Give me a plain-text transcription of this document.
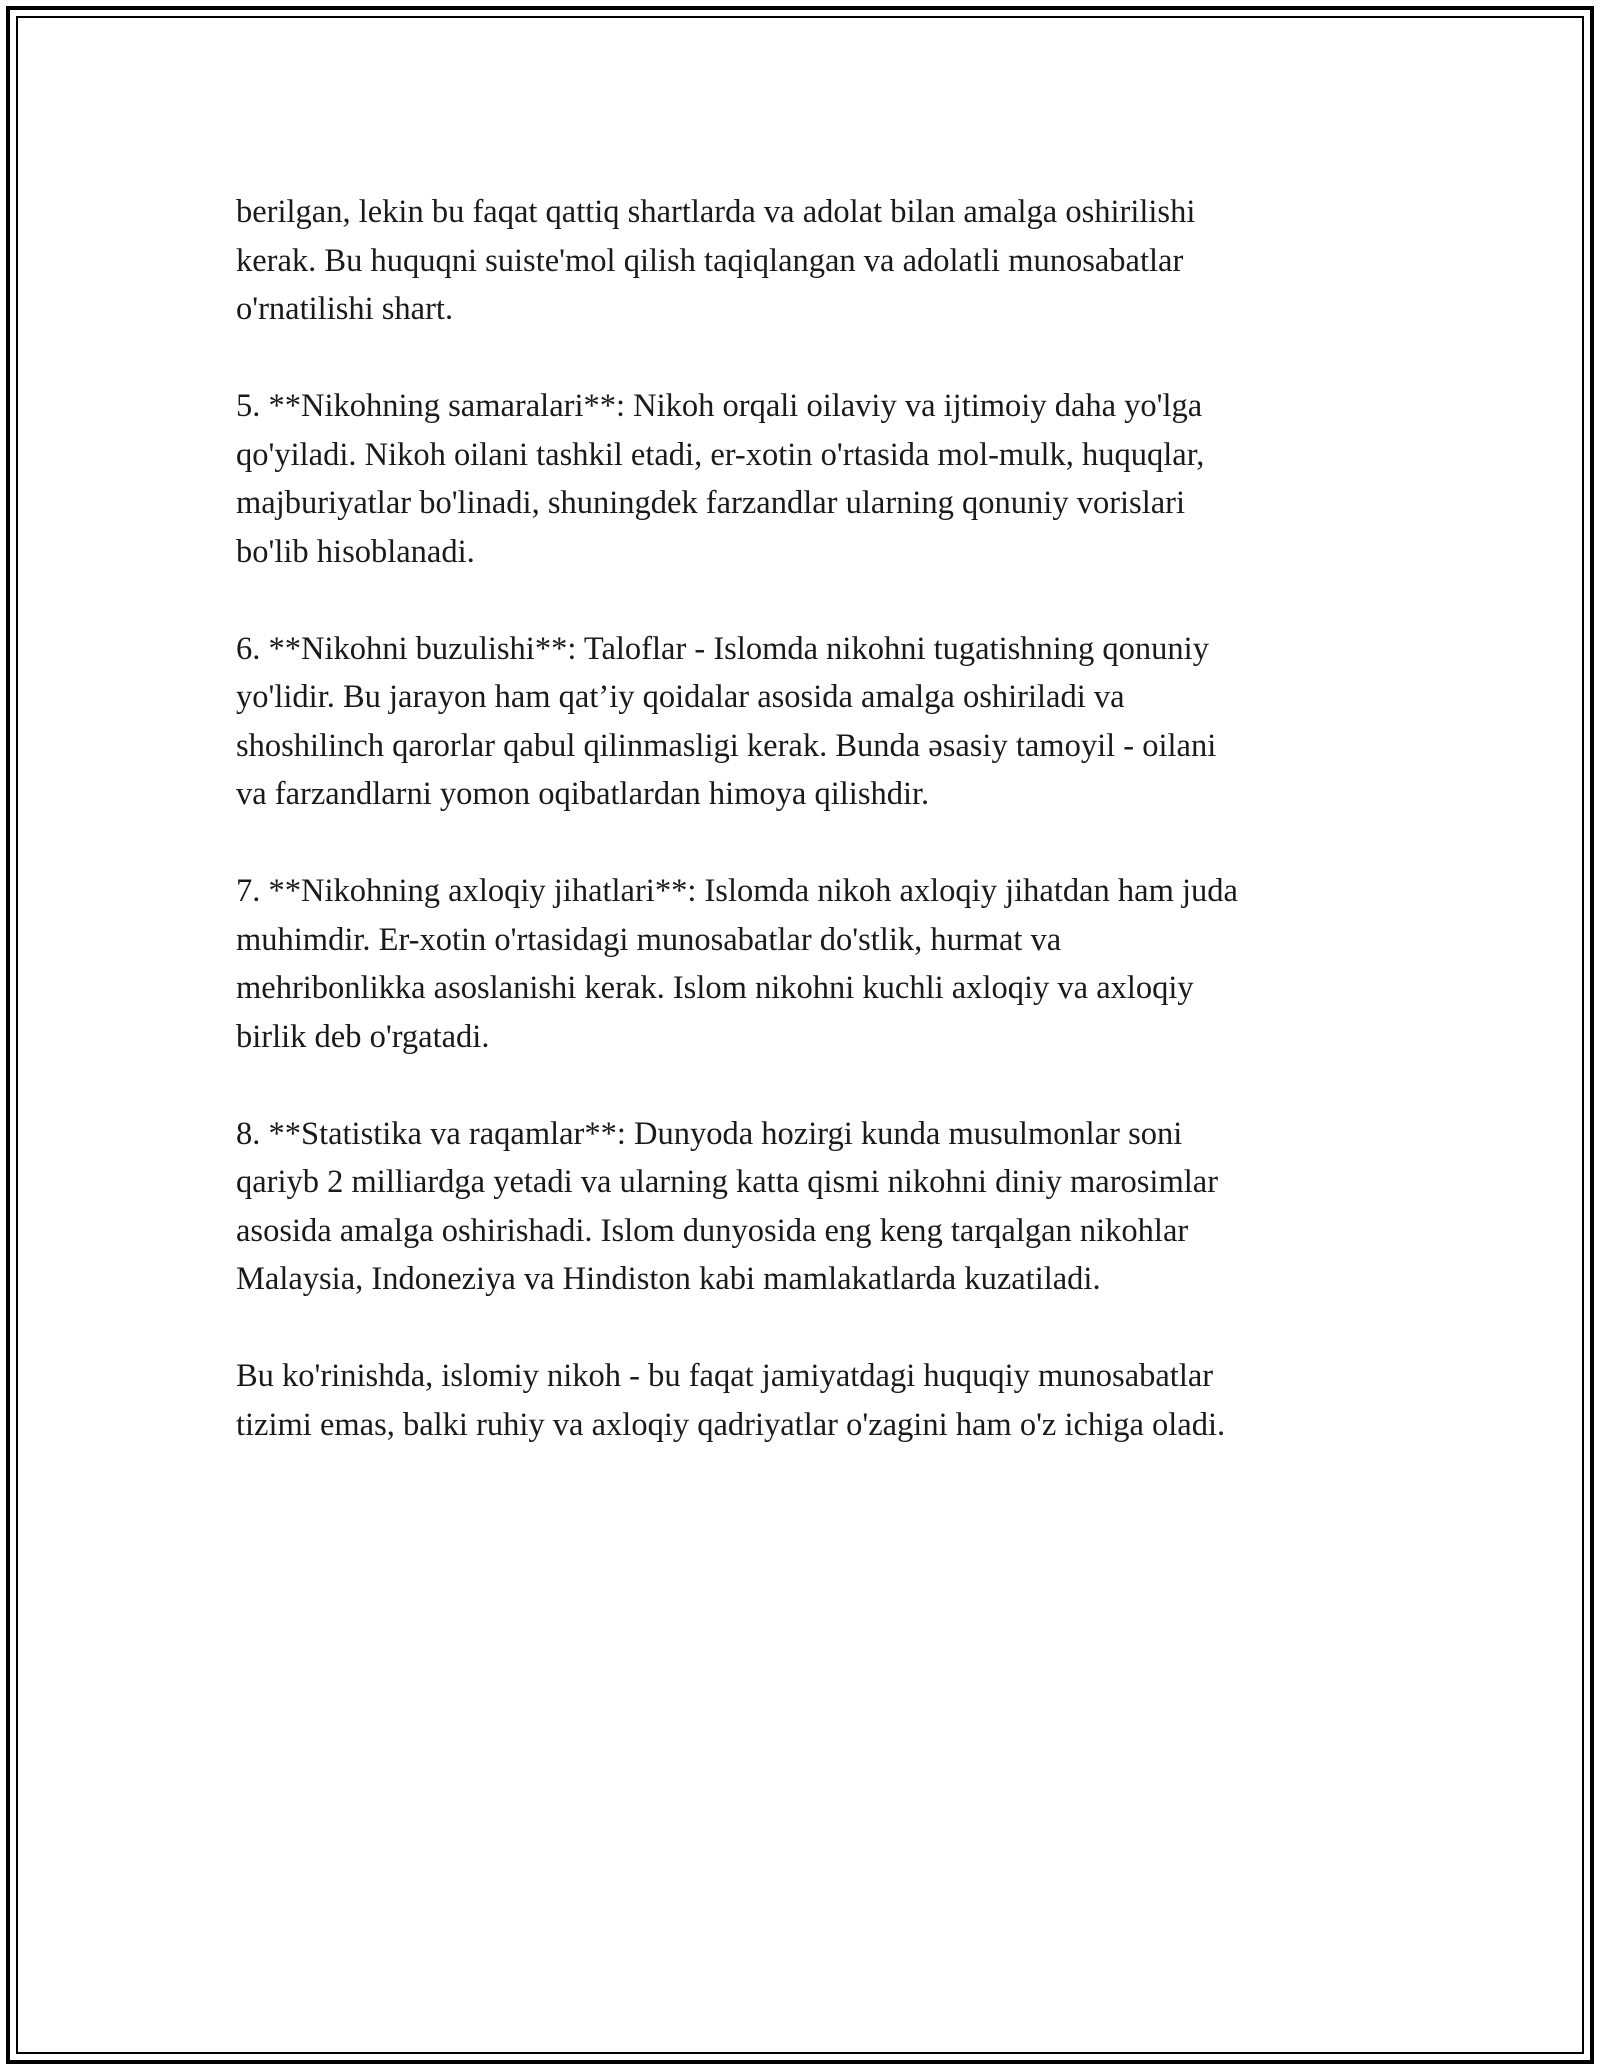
berilgan, lekin bu faqat qattiq shartlarda va adolat bilan amalga oshirilishi
kerak. Bu huquqni suiste'mol qilish taqiqlangan va adolatli munosabatlar
o'rnatilishi shart.

5. **Nikohning samaralari**: Nikoh orqali oilaviy va ijtimoiy daha yo'lga
qo'yiladi. Nikoh oilani tashkil etadi, er-xotin o'rtasida mol-mulk, huquqlar,
majburiyatlar bo'linadi, shuningdek farzandlar ularning qonuniy vorislari
bo'lib hisoblanadi.

6. **Nikohni buzulishi**: Taloflar - Islomda nikohni tugatishning qonuniy
yo'lidir. Bu jarayon ham qat’iy qoidalar asosida amalga oshiriladi va
shoshilinch qarorlar qabul qilinmasligi kerak. Bunda əsasiy tamoyil - oilani
va farzandlarni yomon oqibatlardan himoya qilishdir.

7. **Nikohning axloqiy jihatlari**: Islomda nikoh axloqiy jihatdan ham juda
muhimdir. Er-xotin o'rtasidagi munosabatlar do'stlik, hurmat va
mehribonlikka asoslanishi kerak. Islom nikohni kuchli axloqiy va axloqiy
birlik deb o'rgatadi.

8. **Statistika va raqamlar**: Dunyoda hozirgi kunda musulmonlar soni
qariyb 2 milliardga yetadi va ularning katta qismi nikohni diniy marosimlar
asosida amalga oshirishadi. Islom dunyosida eng keng tarqalgan nikohlar
Malaysia, Indoneziya va Hindiston kabi mamlakatlarda kuzatiladi.

Bu ko'rinishda, islomiy nikoh - bu faqat jamiyatdagi huquqiy munosabatlar
tizimi emas, balki ruhiy va axloqiy qadriyatlar o'zagini ham o'z ichiga oladi.
